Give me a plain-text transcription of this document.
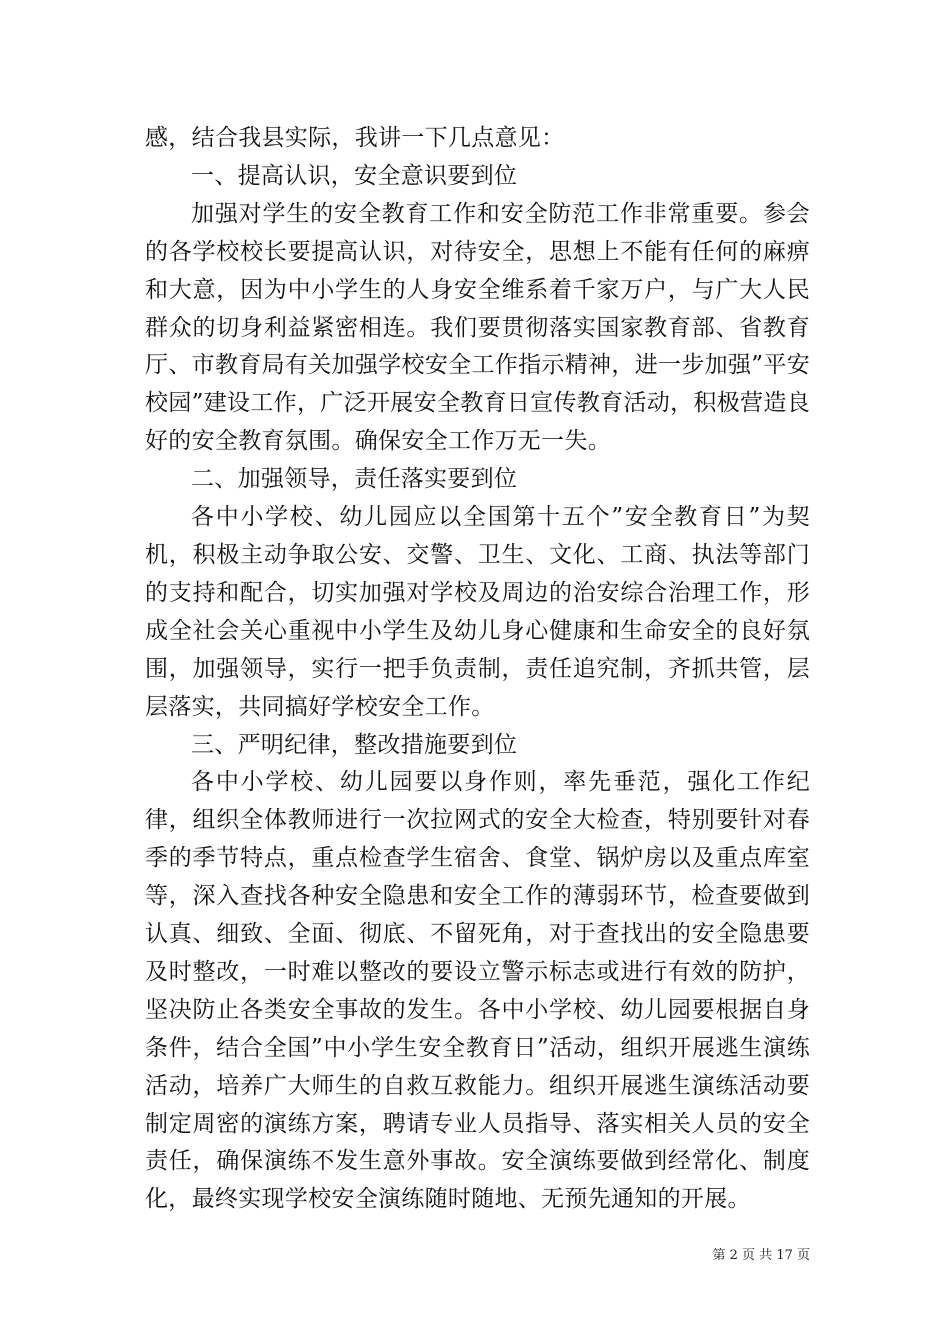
感，结合我县实际，我讲一下几点意见：

一、提高认识，安全意识要到位

加强对学生的安全教育工作和安全防范工作非常重要。参会的各学校校长要提高认识，对待安全，思想上不能有任何的麻痹和大意，因为中小学生的人身安全维系着千家万户，与广大人民群众的切身利益紧密相连。我们要贯彻落实国家教育部、省教育厅、市教育局有关加强学校安全工作指示精神，进一步加强”平安校园”建设工作，广泛开展安全教育日宣传教育活动，积极营造良好的安全教育氛围。确保安全工作万无一失。

二、加强领导，责任落实要到位

各中小学校、幼儿园应以全国第十五个”安全教育日”为契机，积极主动争取公安、交警、卫生、文化、工商、执法等部门的支持和配合，切实加强对学校及周边的治安综合治理工作，形成全社会关心重视中小学生及幼儿身心健康和生命安全的良好氛围，加强领导，实行一把手负责制，责任追究制，齐抓共管，层层落实，共同搞好学校安全工作。

三、严明纪律，整改措施要到位

各中小学校、幼儿园要以身作则，率先垂范，强化工作纪律，组织全体教师进行一次拉网式的安全大检查，特别要针对春季的季节特点，重点检查学生宿舍、食堂、锅炉房以及重点库室等，深入查找各种安全隐患和安全工作的薄弱环节，检查要做到认真、细致、全面、彻底、不留死角，对于查找出的安全隐患要及时整改，一时难以整改的要设立警示标志或进行有效的防护，坚决防止各类安全事故的发生。各中小学校、幼儿园要根据自身条件，结合全国”中小学生安全教育日”活动，组织开展逃生演练活动，培养广大师生的自救互救能力。组织开展逃生演练活动要制定周密的演练方案，聘请专业人员指导、落实相关人员的安全责任，确保演练不发生意外事故。安全演练要做到经常化、制度化，最终实现学校安全演练随时随地、无预先通知的开展。

第 2 页 共 17 页
